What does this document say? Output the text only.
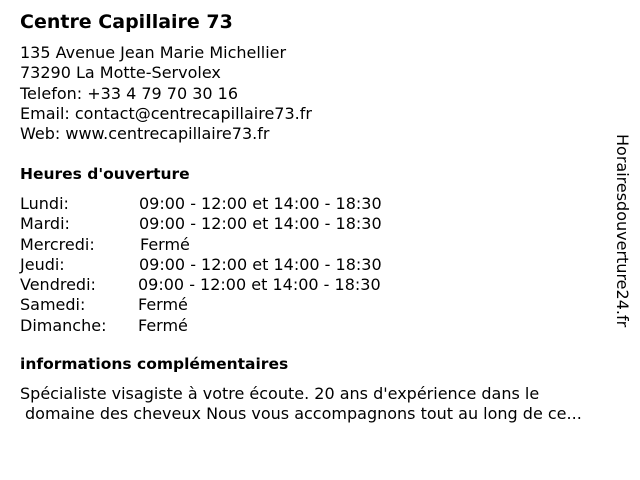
Centre Capillaire 73
135 Avenue Jean Marie Michellier
73290 La Motte-Servolex
Telefon: +33 4 79 70 30 16
Email: contact@centrecapillaire73.fr
Web: www.centrecapillaire73.fr
Heures d'ouverture
Lundi:	09:00 - 12:00 et 14:00 - 18:30
Mardi:	09:00 - 12:00 et 14:00 - 18:30
Mercredi:	Fermé
Jeudi:	09:00 - 12:00 et 14:00 - 18:30
Vendredi:	09:00 - 12:00 et 14:00 - 18:30
Samedi:	Fermé
Dimanche: Fermé
informations complémentaires
Spécialiste visagiste à votre écoute. 20 ans d'expérience dans le
domaine des cheveux Nous vous accompagnons tout au long de ce...
Horairesdouverture24.fr
